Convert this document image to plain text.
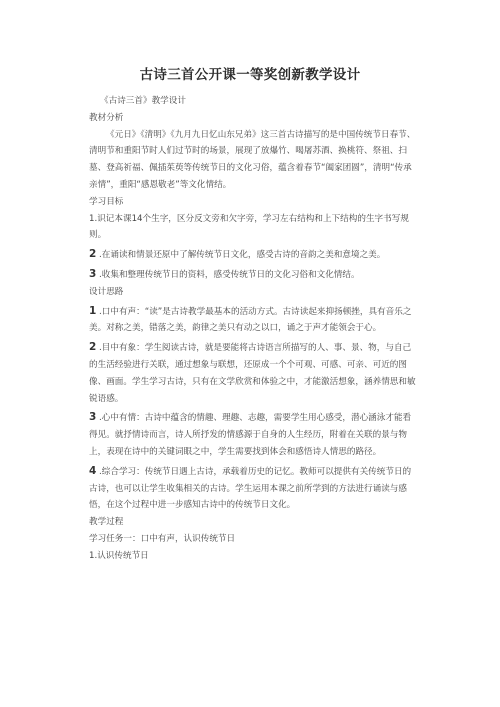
古诗三首公开课一等奖创新教学设计

《古诗三首》教学设计

教材分析

《元日》《清明》《九月九日忆山东兄弟》这三首古诗描写的是中国传统节日春节、清明节和重阳节时人们过节时的场景，展现了放爆竹、喝屠苏酒、换桃符、祭祖、扫墓、登高祈福、佩插茱萸等传统节日的文化习俗，蕴含着春节“阖家团圆”，清明“传承亲情”，重阳“感恩敬老”等文化情结。

学习目标

1.识记本课14个生字，区分反文旁和欠字旁，学习左右结构和上下结构的生字书写规则。

2 .在诵读和情景还原中了解传统节日文化，感受古诗的音韵之美和意境之美。

3 .收集和整理传统节日的资料，感受传统节日的文化习俗和文化情结。

设计思路

1 .口中有声：“读”是古诗教学最基本的活动方式。古诗读起来抑扬顿挫，具有音乐之美。对称之美，错落之美，韵律之美只有动之以口，诵之于声才能领会于心。

2 .目中有象：学生阅读古诗，就是要能将古诗语言所描写的人、事、景、物，与自己的生活经验进行关联，通过想象与联想，还原成一个个可观、可感、可亲、可近的图像、画面。学生学习古诗，只有在文学欣赏和体验之中，才能激活想象，涵养情思和敏锐语感。

3 .心中有情：古诗中蕴含的情趣、理趣、志趣，需要学生用心感受，潜心涵泳才能看得见。就抒情诗而言，诗人所抒发的情感源于自身的人生经历，附着在关联的景与物上，表现在诗中的关键词眼之中，学生需要找到体会和感悟诗人情思的路径。

4 .综合学习：传统节日遇上古诗，承载着历史的记忆。教师可以提供有关传统节日的古诗，也可以让学生收集相关的古诗。学生运用本课之前所学到的方法进行诵读与感悟，在这个过程中进一步感知古诗中的传统节日文化。

教学过程

学习任务一：口中有声，认识传统节日

1.认识传统节日
